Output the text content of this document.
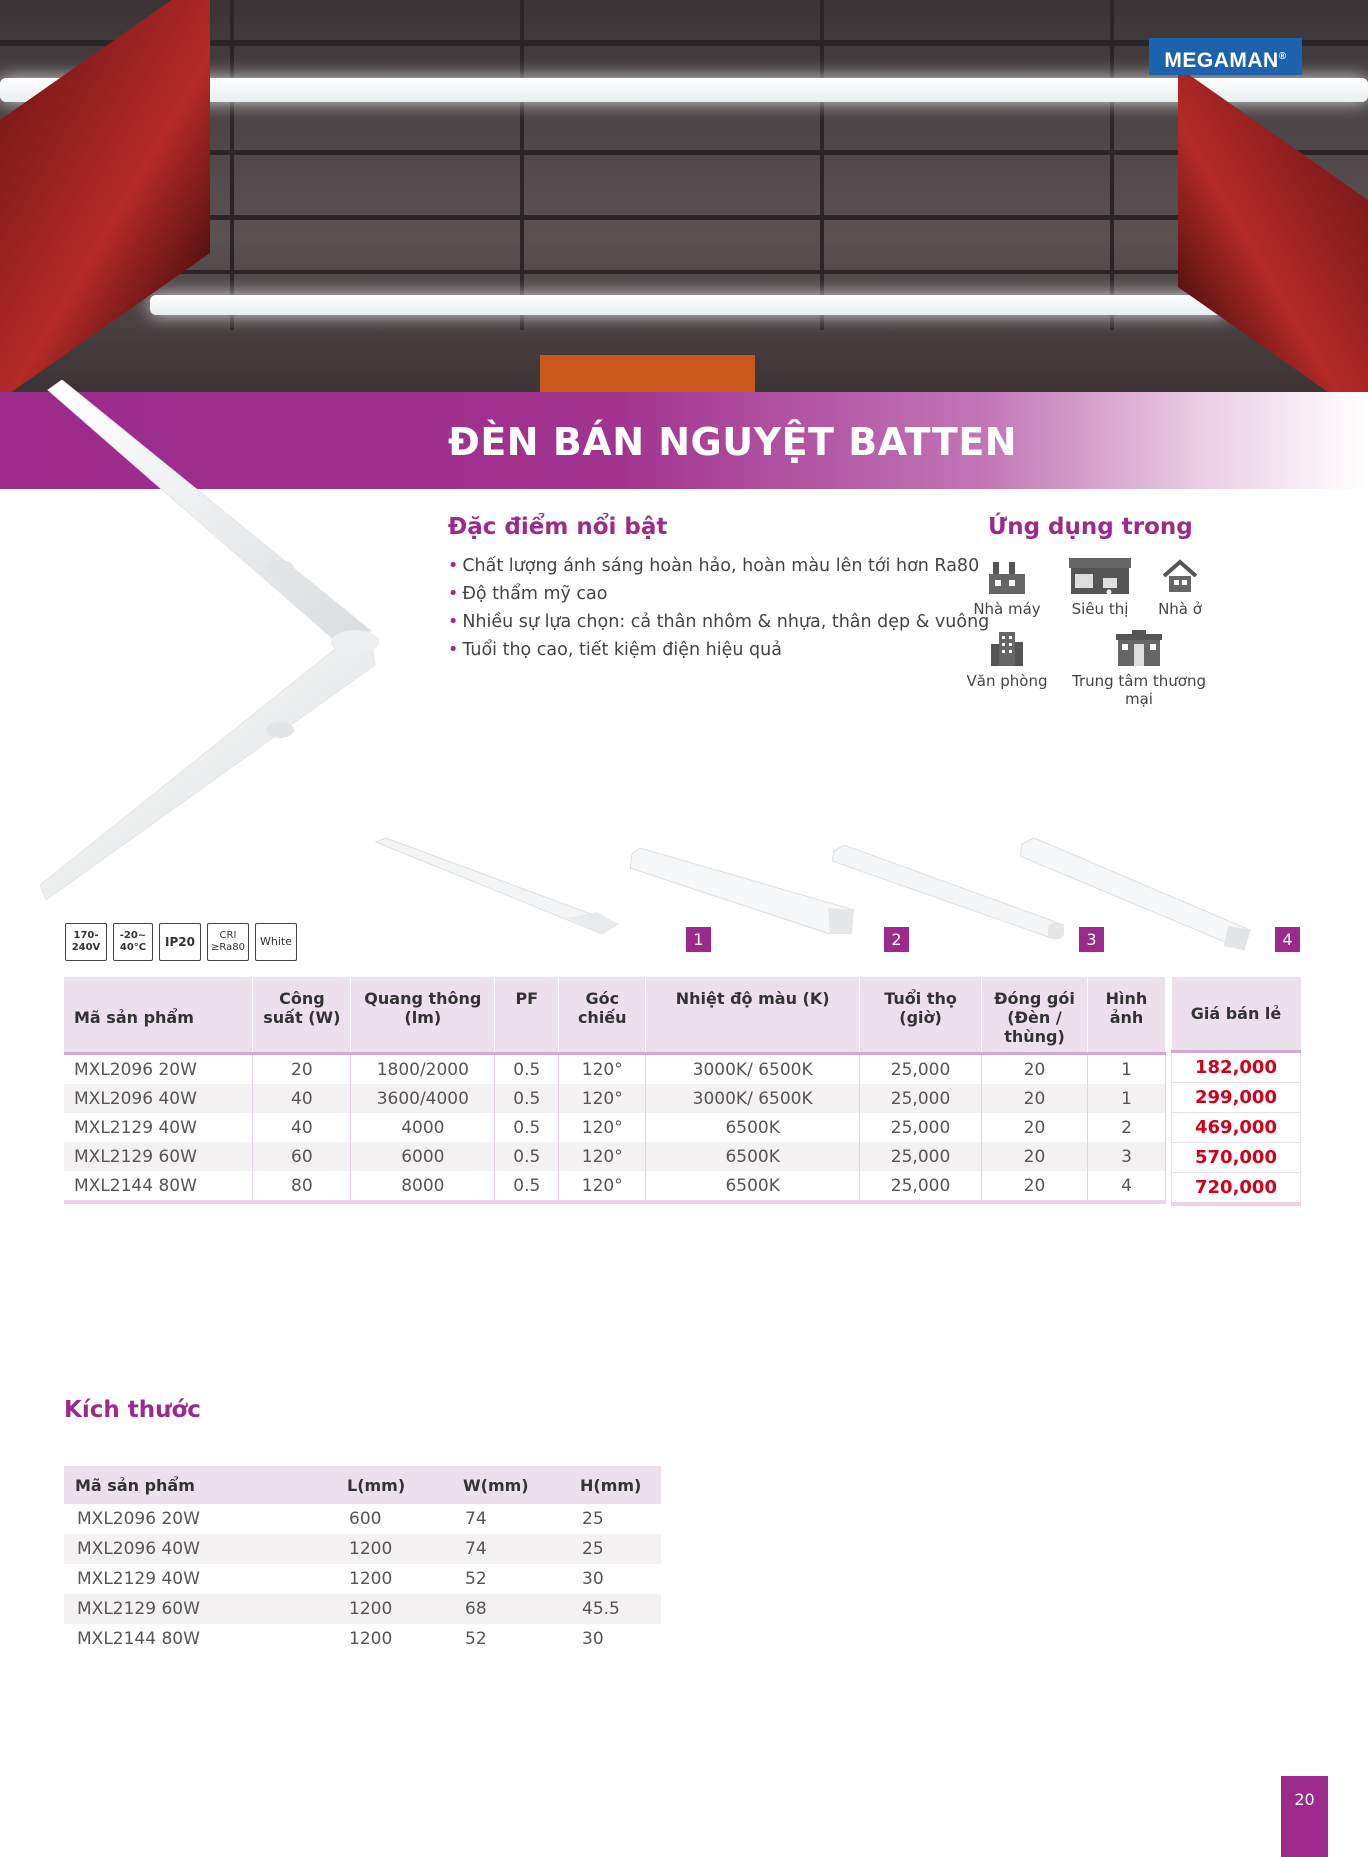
MEGAMAN®
ĐÈN BÁN NGUYỆT BATTEN
Đặc điểm nổi bật
• Chất lượng ánh sáng hoàn hảo, hoàn màu lên tới hơn Ra80
• Độ thẩm mỹ cao
• Nhiều sự lựa chọn: cả thân nhôm & nhựa, thân dẹp & vuông
• Tuổi thọ cao, tiết kiệm điện hiệu quả
Ứng dụng trong
Nhà máy	Siêu thị	Nhà ở
Văn phòng	Trung tâm thương mại
170-
240V
-20~
40°C IP20	CRI
≥Ra80 White	1	2	3	4
Mã sản phẩm	Công suất (W)	Quang thông (lm)	PF	Góc chiếu	Nhiệt độ màu (K)	Tuổi thọ (giờ)	Đóng gói (Đèn / thùng)	Hình ảnh
MXL2096 20W	20	1800/2000	0.5	120°	3000K/ 6500K	25,000	20	1
MXL2096 40W	40	3600/4000	0.5	120°	3000K/ 6500K	25,000	20	1
MXL2129 40W	40	4000	0.5	120°	6500K	25,000	20	2
MXL2129 60W	60	6000	0.5	120°	6500K	25,000	20	3
MXL2144 80W	80	8000	0.5	120°	6500K	25,000	20	4
Giá bán lẻ
182,000
299,000
469,000
570,000
720,000
Kích thước
Mã sản phẩm	L(mm)	W(mm)	H(mm)
MXL2096 20W	600	74	25
MXL2096 40W	1200	74	25
MXL2129 40W	1200	52	30
MXL2129 60W	1200	68	45.5
MXL2144 80W	1200	52	30
20
